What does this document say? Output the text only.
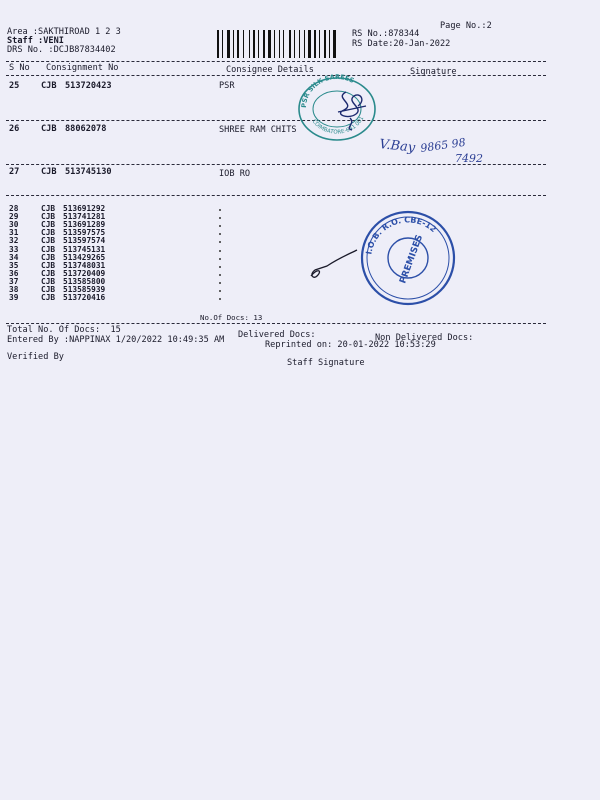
Area :SAKTHIROAD 1 2 3
Staff :VENI
DRS No. :DCJB87834402
Page No.:2
RS No.:878344
RS Date:20-Jan-2022
S No Consignment No	Consignee Details	Signature
25	CJB 513720423	PSR
26	CJB 88062078	SHREE RAM CHITS
27	CJB 513745130	IOB RO
28	CJB 513691292
29	CJB 513741281
30	CJB 513691289
31	CJB 513597575
32	CJB 513597574
33	CJB 513745131
34	CJB 513429265
35	CJB 513748031
36	CJB 513720409
37	CJB 513585800
38	CJB 513585939
39	CJB 513720416
No.Of Docs: 13
Total No. Of Docs:  15	Delivered Docs:	Non Delivered Docs:
Entered By :NAPPINAX 1/20/2022 10:49:35 AM	Reprinted on: 20-01-2022 10:53:29
Verified By
Staff Signature
PSR SILK SAREES
COIMBATORE-641 001
V.Bay 9865 98
7492
I.O.B. R.O. CBE-12
PREMISES
